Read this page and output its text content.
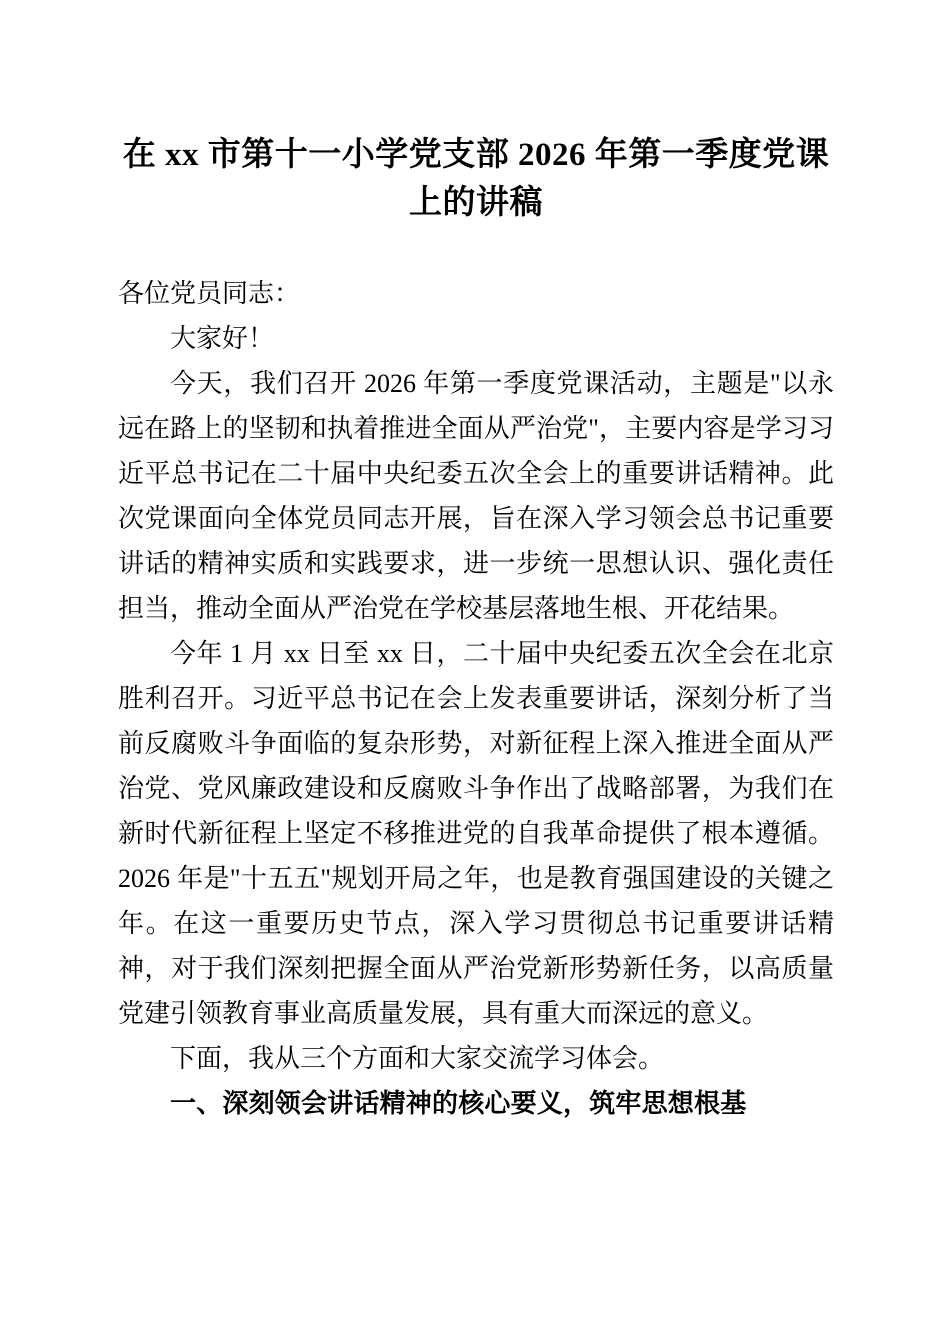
在 xx 市第十一小学党支部 2026 年第一季度党课上的讲稿

各位党员同志：

大家好！

今天，我们召开 2026 年第一季度党课活动，主题是"以永远在路上的坚韧和执着推进全面从严治党"，主要内容是学习习近平总书记在二十届中央纪委五次全会上的重要讲话精神。此次党课面向全体党员同志开展，旨在深入学习领会总书记重要讲话的精神实质和实践要求，进一步统一思想认识、强化责任担当，推动全面从严治党在学校基层落地生根、开花结果。

今年 1 月 xx 日至 xx 日，二十届中央纪委五次全会在北京胜利召开。习近平总书记在会上发表重要讲话，深刻分析了当前反腐败斗争面临的复杂形势，对新征程上深入推进全面从严治党、党风廉政建设和反腐败斗争作出了战略部署，为我们在新时代新征程上坚定不移推进党的自我革命提供了根本遵循。2026 年是"十五五"规划开局之年，也是教育强国建设的关键之年。在这一重要历史节点，深入学习贯彻总书记重要讲话精神，对于我们深刻把握全面从严治党新形势新任务，以高质量党建引领教育事业高质量发展，具有重大而深远的意义。

下面，我从三个方面和大家交流学习体会。

一、深刻领会讲话精神的核心要义，筑牢思想根基
